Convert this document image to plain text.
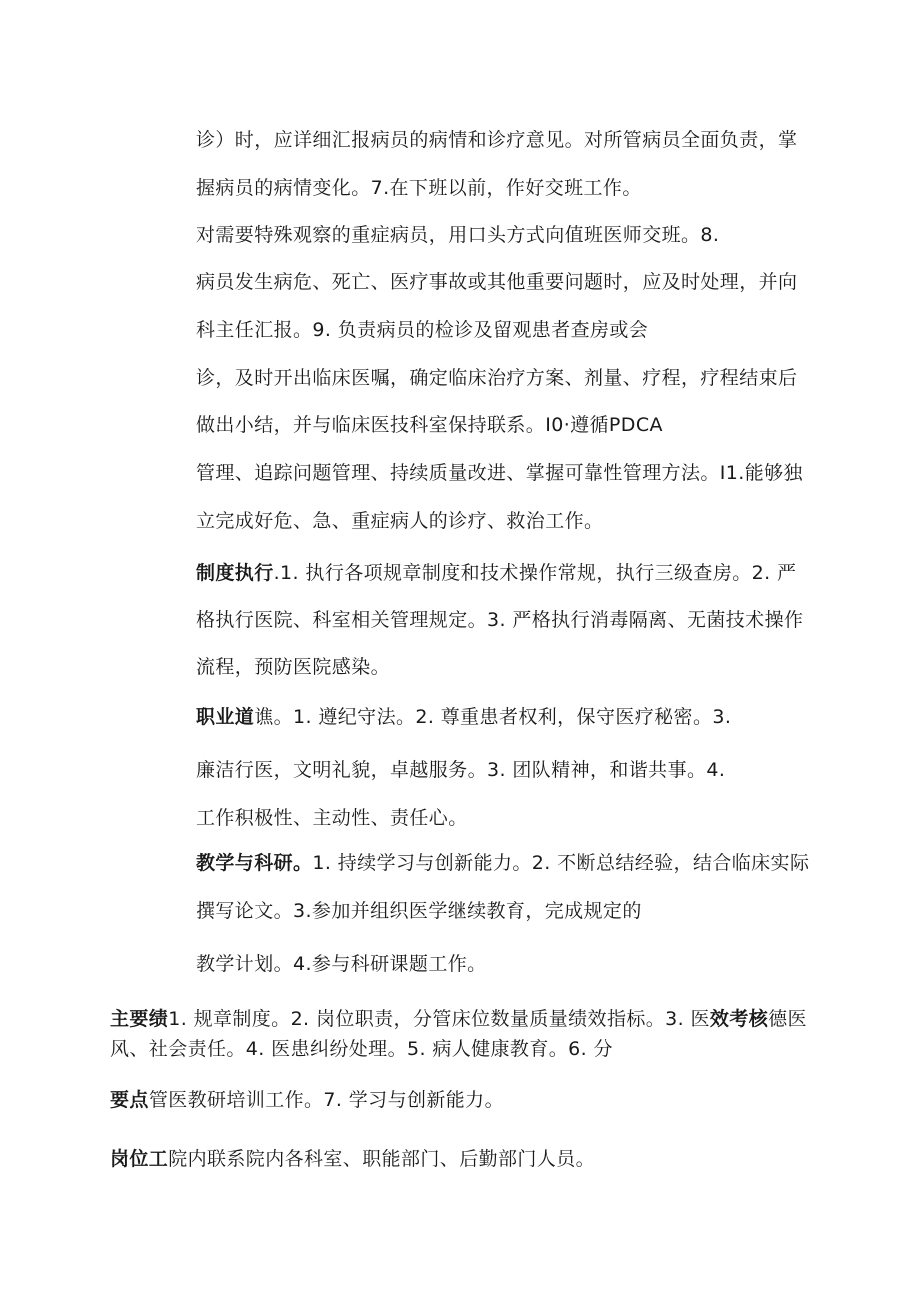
诊）时，应详细汇报病员的病情和诊疗意见。对所管病员全面负责，掌
握病员的病情变化。7.在下班以前，作好交班工作。
对需要特殊观察的重症病员，用口头方式向值班医师交班。8.
病员发生病危、死亡、医疗事故或其他重要问题时，应及时处理，并向
科主任汇报。9. 负责病员的检诊及留观患者查房或会
诊，及时开出临床医嘱，确定临床治疗方案、剂量、疗程，疗程结束后
做出小结，并与临床医技科室保持联系。I0·遵循PDCA
管理、追踪问题管理、持续质量改进、掌握可靠性管理方法。I1.能够独
立完成好危、急、重症病人的诊疗、救治工作。
制度执行.1. 执行各项规章制度和技术操作常规，执行三级查房。2. 严
格执行医院、科室相关管理规定。3. 严格执行消毒隔离、无菌技术操作
流程，预防医院感染。
职业道谯。1. 遵纪守法。2. 尊重患者权利，保守医疗秘密。3.
廉洁行医，文明礼貌，卓越服务。3. 团队精神，和谐共事。4.
工作积极性、主动性、责任心。
教学与科研。1. 持续学习与创新能力。2. 不断总结经验，结合临床实际
撰写论文。3.参加并组织医学继续教育，完成规定的
教学计划。4.参与科研课题工作。
主要绩1. 规章制度。2. 岗位职责，分管床位数量质量绩效指标。3. 医效考核德医
风、社会责任。4. 医患纠纷处理。5. 病人健康教育。6. 分
要点管医教研培训工作。7. 学习与创新能力。
岗位工院内联系院内各科室、职能部门、后勤部门人员。
